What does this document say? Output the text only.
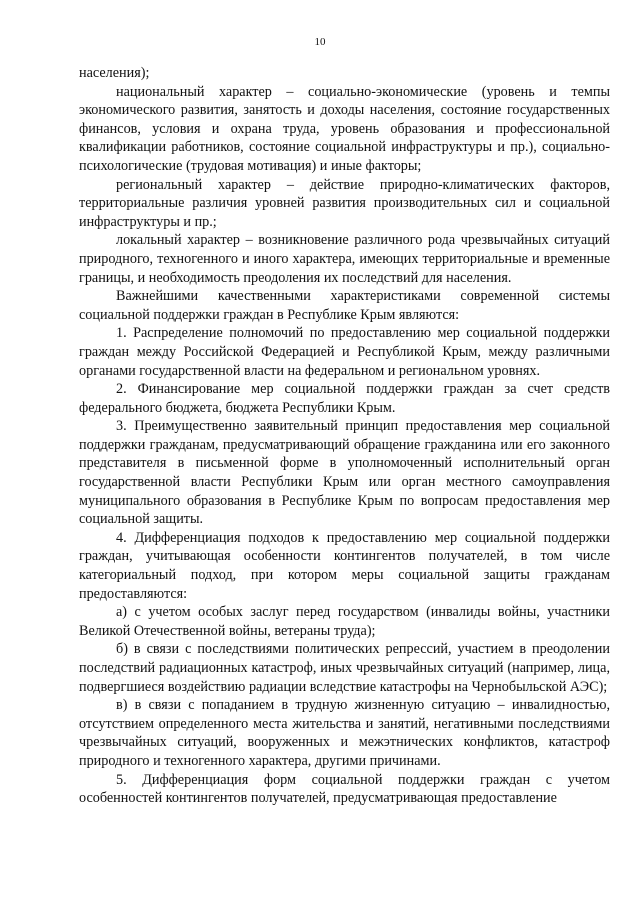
10

населения);

национальный характер – социально-экономические (уровень и темпы экономического развития, занятость и доходы населения, состояние государственных финансов, условия и охрана труда, уровень образования и профессиональной квалификации работников, состояние социальной инфраструктуры и пр.), социально-психологические (трудовая мотивация) и иные факторы;

региональный характер – действие природно-климатических факторов, территориальные различия уровней развития производительных сил и социальной инфраструктуры и пр.;

локальный характер – возникновение различного рода чрезвычайных ситуаций природного, техногенного и иного характера, имеющих территориальные и временные границы, и необходимость преодоления их последствий для населения.

Важнейшими качественными характеристиками современной системы социальной поддержки граждан в Республике Крым являются:

1. Распределение полномочий по предоставлению мер социальной поддержки граждан между Российской Федерацией и Республикой Крым, между различными органами государственной власти на федеральном и региональном уровнях.

2. Финансирование мер социальной поддержки граждан за счет средств федерального бюджета, бюджета Республики Крым.

3. Преимущественно заявительный принцип предоставления мер социальной поддержки гражданам, предусматривающий обращение гражданина или его законного представителя в письменной форме в уполномоченный исполнительный орган государственной власти Республики Крым или орган местного самоуправления муниципального образования в Республике Крым по вопросам предоставления мер социальной защиты.

4. Дифференциация подходов к предоставлению мер социальной поддержки граждан, учитывающая особенности контингентов получателей, в том числе категориальный подход, при котором меры социальной защиты гражданам предоставляются:

а) с учетом особых заслуг перед государством (инвалиды войны, участники Великой Отечественной войны, ветераны труда);

б) в связи с последствиями политических репрессий, участием в преодолении последствий радиационных катастроф, иных чрезвычайных ситуаций (например, лица, подвергшиеся воздействию радиации вследствие катастрофы на Чернобыльской АЭС);

в) в связи с попаданием в трудную жизненную ситуацию – инвалидностью, отсутствием определенного места жительства и занятий, негативными последствиями чрезвычайных ситуаций, вооруженных и межэтнических конфликтов, катастроф природного и техногенного характера, другими причинами.

5. Дифференциация форм социальной поддержки граждан с учетом особенностей контингентов получателей, предусматривающая предоставление
